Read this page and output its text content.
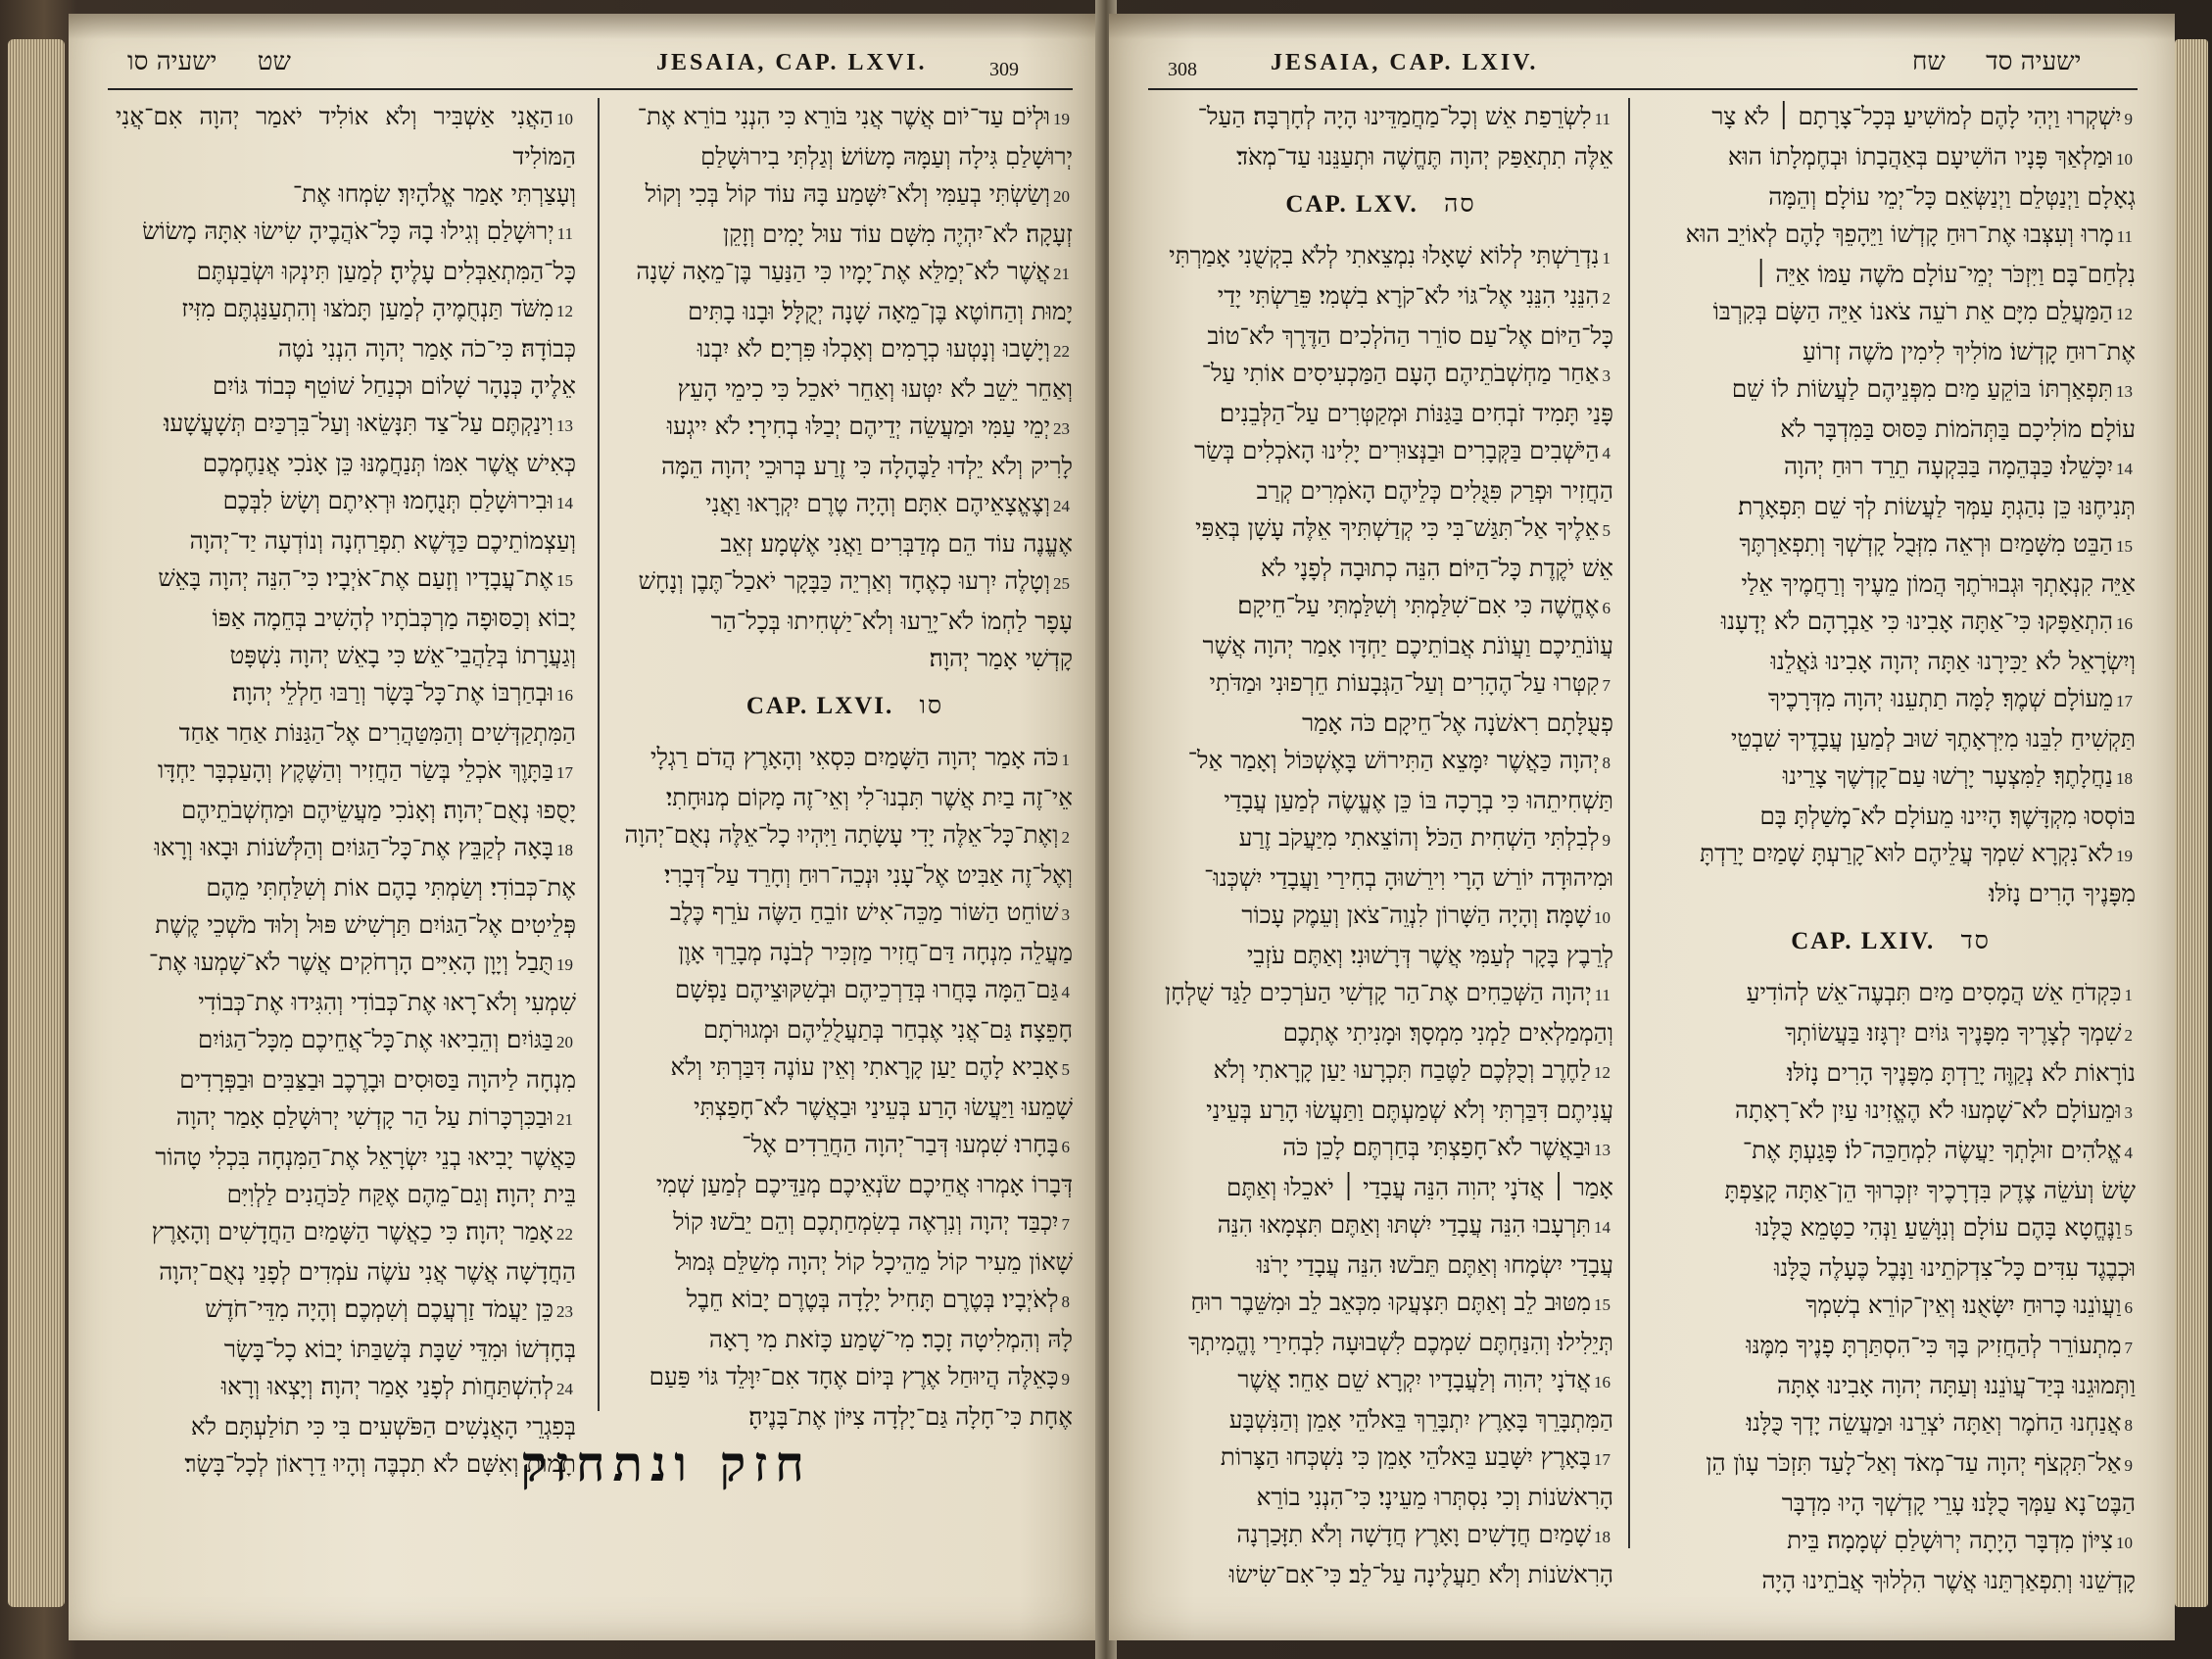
שט     ישעיה סו	JESAIA, CAP. LXVI.	309
10הַאֲנִי אַשְׁבִּיר וְלֹא אוֹלִיד יֹאמַר יְהוָה אִם־אֲנִי הַמּוֹלִיד
וְעָצַרְתִּי אָמַר אֱלֹהָיִךְ׃ שִׂמְחוּ אֶת־
11יְרוּשָׁלַםִ וְגִילוּ בָהּ כָּל־אֹהֲבֶיהָ שִׂישׂוּ אִתָּהּ מָשׂוֹשׂ
כָּל־הַמִּתְאַבְּלִים עָלֶיהָ׃ לְמַעַן תִּינְקוּ וּשְׂבַעְתֶּם
12מִשֹּׁד תַּנְחֻמֶיהָ לְמַעַן תָּמֹצּוּ וְהִתְעַנַּגְתֶּם מִזִּיז
כְּבוֹדָהּ׃ כִּי־כֹה אָמַר יְהוָה הִנְנִי נֹטֶה
אֵלֶיהָ כְּנָהָר שָׁלוֹם וּכְנַחַל שׁוֹטֵף כְּבוֹד גּוֹיִם
13וִינַקְתֶּם עַל־צַד תִּנָּשֵׂאוּ וְעַל־בִּרְכַּיִם תְּשָׁעֳשָׁעוּ׃
כְּאִישׁ אֲשֶׁר אִמּוֹ תְּנַחֲמֶנּוּ כֵּן אָנֹכִי אֲנַחֶמְכֶם
14וּבִירוּשָׁלַםִ תְּנֻחָמוּ׃ וּרְאִיתֶם וְשָׂשׂ לִבְּכֶם
וְעַצְמוֹתֵיכֶם כַּדֶּשֶׁא תִפְרַחְנָה וְנוֹדְעָה יַד־יְהוָה
15אֶת־עֲבָדָיו וְזָעַם אֶת־אֹיְבָיו׃ כִּי־הִנֵּה יְהוָה בָּאֵשׁ
יָבוֹא וְכַסּוּפָה מַרְכְּבֹתָיו לְהָשִׁיב בְּחֵמָה אַפּוֹ
וְגַעֲרָתוֹ בְּלַהֲבֵי־אֵשׁ׃ כִּי בָאֵשׁ יְהוָה נִשְׁפָּט
16וּבְחַרְבּוֹ אֶת־כָּל־בָּשָׂר וְרַבּוּ חַלְלֵי יְהוָה׃
הַמִּתְקַדְּשִׁים וְהַמִּטַּהֲרִים אֶל־הַגַּנּוֹת אַחַר אַחַד
17בַּתָּוֶךְ אֹכְלֵי בְּשַׂר הַחֲזִיר וְהַשֶּׁקֶץ וְהָעַכְבָּר יַחְדָּו
יָסֻפוּ נְאֻם־יְהוָה׃ וְאָנֹכִי מַעֲשֵׂיהֶם וּמַחְשְׁבֹתֵיהֶם
18בָּאָה לְקַבֵּץ אֶת־כָּל־הַגּוֹיִם וְהַלְּשֹׁנוֹת וּבָאוּ וְרָאוּ
אֶת־כְּבוֹדִי׃ וְשַׂמְתִּי בָהֶם אוֹת וְשִׁלַּחְתִּי מֵהֶם
פְּלֵיטִים אֶל־הַגּוֹיִם תַּרְשִׁישׁ פּוּל וְלוּד מֹשְׁכֵי קֶשֶׁת
19תֻּבַל וְיָוָן הָאִיִּים הָרְחֹקִים אֲשֶׁר לֹא־שָׁמְעוּ אֶת־
שִׁמְעִי וְלֹא־רָאוּ אֶת־כְּבוֹדִי וְהִגִּידוּ אֶת־כְּבוֹדִי
20בַּגּוֹיִם׃ וְהֵבִיאוּ אֶת־כָּל־אֲחֵיכֶם מִכָּל־הַגּוֹיִם
מִנְחָה לַיהוָה בַּסּוּסִים וּבָרֶכֶב וּבַצַּבִּים וּבַפְּרָדִים
21וּבַכִּרְכָּרוֹת עַל הַר קָדְשִׁי יְרוּשָׁלַםִ אָמַר יְהוָה
כַּאֲשֶׁר יָבִיאוּ בְנֵי יִשְׂרָאֵל אֶת־הַמִּנְחָה בִּכְלִי טָהוֹר
בֵּית יְהוָה׃ וְגַם־מֵהֶם אֶקַּח לַכֹּהֲנִים לַלְוִיִּם
22אָמַר יְהוָה׃ כִּי כַאֲשֶׁר הַשָּׁמַיִם הַחֲדָשִׁים וְהָאָרֶץ
הַחֲדָשָׁה אֲשֶׁר אֲנִי עֹשֶׂה עֹמְדִים לְפָנַי נְאֻם־יְהוָה
23כֵּן יַעֲמֹד זַרְעֲכֶם וְשִׁמְכֶם׃ וְהָיָה מִדֵּי־חֹדֶשׁ
בְּחָדְשׁוֹ וּמִדֵּי שַׁבָּת בְּשַׁבַּתּוֹ יָבוֹא כָל־בָּשָׂר
24לְהִשְׁתַּחֲוֺת לְפָנַי אָמַר יְהוָה׃ וְיָצְאוּ וְרָאוּ
בְּפִגְרֵי הָאֲנָשִׁים הַפֹּשְׁעִים בִּי כִּי תוֹלַעְתָּם לֹא
תָמוּת וְאִשָּׁם לֹא תִכְבֶּה וְהָיוּ דֵרָאוֹן לְכָל־בָּשָׂר׃
19וּלְיֹם עַד־יֹום אֲשֶׁר אֲנִי בֹּורֵא כִּי הִנְנִי בוֹרֵא אֶת־
יְרוּשָׁלַםִ גִּילָה וְעַמָּהּ מָשׂוֹשׂ׃ וְגַלְתִּי בִירוּשָׁלַםִ
20וְשַׂשְׂתִּי בְעַמִּי וְלֹא־יִשָּׁמַע בָּהּ עוֹד קוֹל בְּכִי וְקוֹל
זְעָקָה׃ לֹא־יִהְיֶה מִשָּׁם עוֹד עוּל יָמִים וְזָקֵן
21אֲשֶׁר לֹא־יְמַלֵּא אֶת־יָמָיו כִּי הַנַּעַר בֶּן־מֵאָה שָׁנָה
יָמוּת וְהַחוֹטֶא בֶּן־מֵאָה שָׁנָה יְקֻלָּל׃ וּבָנוּ בָתִּים
22וְיָשָׁבוּ וְנָטְעוּ כְרָמִים וְאָכְלוּ פִּרְיָם׃ לֹא יִבְנוּ
וְאַחֵר יֵשֵׁב לֹא יִטְּעוּ וְאַחֵר יֹאכֵל כִּי כִימֵי הָעֵץ
23יְמֵי עַמִּי וּמַעֲשֵׂה יְדֵיהֶם יְבַלּוּ בְחִירָי׃ לֹא יִיגְעוּ
לָרִיק וְלֹא יֵלְדוּ לַבֶּהָלָה כִּי זֶרַע בְּרוּכֵי יְהוָה הֵמָּה
24וְצֶאֱצָאֵיהֶם אִתָּם׃ וְהָיָה טֶרֶם יִקְרָאוּ וַאֲנִי
אֶעֱנֶה עוֹד הֵם מְדַבְּרִים וַאֲנִי אֶשְׁמָע׃ זְאֵב
25וְטָלֶה יִרְעוּ כְאֶחָד וְאַרְיֵה כַּבָּקָר יֹאכַל־תֶּבֶן וְנָחָשׁ
עָפָר לַחְמוֹ לֹא־יָרֵעוּ וְלֹא־יַשְׁחִיתוּ בְּכָל־הַר
קָדְשִׁי אָמַר יְהוָה׃
CAP. LXVI. סו
1כֹּה אָמַר יְהוָה הַשָּׁמַיִם כִּסְאִי וְהָאָרֶץ הֲדֹם רַגְלָי
אֵי־זֶה בַיִת אֲשֶׁר תִּבְנוּ־לִי וְאֵי־זֶה מָקוֹם מְנוּחָתִי׃
2וְאֶת־כָּל־אֵלֶּה יָדִי עָשָׂתָה וַיִּהְיוּ כָל־אֵלֶּה נְאֻם־יְהוָה
וְאֶל־זֶה אַבִּיט אֶל־עָנִי וּנְכֵה־רוּחַ וְחָרֵד עַל־דְּבָרִי׃
3שׁוֹחֵט הַשּׁוֹר מַכֵּה־אִישׁ זוֹבֵחַ הַשֶּׂה עֹרֵף כֶּלֶב
מַעֲלֵה מִנְחָה דַּם־חֲזִיר מַזְכִּיר לְבֹנָה מְבָרֵךְ אָוֶן
4גַּם־הֵמָּה בָּחֲרוּ בְּדַרְכֵיהֶם וּבְשִׁקּוּצֵיהֶם נַפְשָׁם
חָפֵצָה׃ גַּם־אֲנִי אֶבְחַר בְּתַעֲלֻלֵיהֶם וּמְגוּרֹתָם
5אָבִיא לָהֶם יַעַן קָרָאתִי וְאֵין עוֹנֶה דִּבַּרְתִּי וְלֹא
שָׁמֵעוּ וַיַּעֲשׂוּ הָרַע בְּעֵינַי וּבַאֲשֶׁר לֹא־חָפַצְתִּי
6בָּחָרוּ׃ שִׁמְעוּ דְּבַר־יְהוָה הַחֲרֵדִים אֶל־
דְּבָרוֹ אָמְרוּ אֲחֵיכֶם שֹׂנְאֵיכֶם מְנַדֵּיכֶם לְמַעַן שְׁמִי
7יִכְבַּד יְהוָה וְנִרְאֶה בְשִׂמְחַתְכֶם וְהֵם יֵבֹשׁוּ׃ קוֹל
שָׁאוֹן מֵעִיר קוֹל מֵהֵיכָל קוֹל יְהוָה מְשַׁלֵּם גְּמוּל
8לְאֹיְבָיו׃ בְּטֶרֶם תָּחִיל יָלָדָה בְּטֶרֶם יָבוֹא חֵבֶל
לָהּ וְהִמְלִיטָה זָכָר׃ מִי־שָׁמַע כָּזֹאת מִי רָאָה
9כָּאֵלֶּה הֲיוּחַל אֶרֶץ בְּיוֹם אֶחָד אִם־יִוָּלֵד גּוֹי פַּעַם
אֶחָת כִּי־חָלָה גַּם־יָלְדָה צִיּוֹן אֶת־בָּנֶיהָ׃
חזק ונתחזק
308	JESAIA, CAP. LXIV.	ישעיה סד     שח
11לִשְׂרֵפַת אֵשׁ וְכָל־מַחֲמַדֵּינוּ הָיָה לְחָרְבָּה׃ הַעַל־
אֵלֶּה תִתְאַפַּק יְהוָה תֶּחֱשֶׁה וּתְעַנֵּנוּ עַד־מְאֹד׃
CAP. LXV. סה
1נִדְרַשְׁתִּי לְלוֹא שָׁאָלוּ נִמְצֵאתִי לְלֹא בִקְשֻׁנִי אָמַרְתִּי
2הִנֵּנִי הִנֵּנִי אֶל־גּוֹי לֹא־קֹרָא בִשְׁמִי׃ פֵּרַשְׂתִּי יָדַי
כָּל־הַיּוֹם אֶל־עַם סוֹרֵר הַהֹלְכִים הַדֶּרֶךְ לֹא־טוֹב
3אַחַר מַחְשְׁבֹתֵיהֶם׃ הָעָם הַמַּכְעִיסִים אוֹתִי עַל־
פָּנַי תָּמִיד זֹבְחִים בַּגַּנּוֹת וּמְקַטְּרִים עַל־הַלְּבֵנִים׃
4הַיֹּשְׁבִים בַּקְּבָרִים וּבַנְּצוּרִים יָלִינוּ הָאֹכְלִים בְּשַׂר
הַחֲזִיר וּפְרַק פִּגֻּלִים כְּלֵיהֶם׃ הָאֹמְרִים קְרַב
5אֵלֶיךָ אַל־תִּגַּשׁ־בִּי כִּי קְדַשְׁתִּיךָ אֵלֶּה עָשָׁן בְּאַפִּי
אֵשׁ יֹקֶדֶת כָּל־הַיּוֹם׃ הִנֵּה כְתוּבָה לְפָנָי לֹא
6אֶחֱשֶׁה כִּי אִם־שִׁלַּמְתִּי וְשִׁלַּמְתִּי עַל־חֵיקָם׃
עֲוֺנֹתֵיכֶם וַעֲוֺנֹת אֲבוֹתֵיכֶם יַחְדָּו אָמַר יְהוָה אֲשֶׁר
7קִטְּרוּ עַל־הֶהָרִים וְעַל־הַגְּבָעוֹת חֵרְפוּנִי וּמַדֹּתִי
פְעֻלָּתָם רִאשֹׁנָה אֶל־חֵיקָם׃ כֹּה אָמַר
8יְהוָה כַּאֲשֶׁר יִמָּצֵא הַתִּירוֹשׁ בָּאֶשְׁכּוֹל וְאָמַר אַל־
תַּשְׁחִיתֵהוּ כִּי בְרָכָה בּוֹ כֵּן אֶעֱשֶׂה לְמַעַן עֲבָדַי
9לְבִלְתִּי הַשְׁחִית הַכֹּל׃ וְהוֹצֵאתִי מִיַּעֲקֹב זֶרַע
וּמִיהוּדָה יוֹרֵשׁ הָרָי וִירֵשׁוּהָ בְחִירַי וַעֲבָדַי יִשְׁכְּנוּ־
10שָׁמָּה׃ וְהָיָה הַשָּׁרוֹן לִנְוֵה־צֹאן וְעֵמֶק עָכוֹר
לְרֵבֶץ בָּקָר לְעַמִּי אֲשֶׁר דְּרָשׁוּנִי׃ וְאַתֶּם עֹזְבֵי
11יְהוָה הַשְּׁכֵחִים אֶת־הַר קָדְשִׁי הַעֹרְכִים לַגַּד שֻׁלְחָן
וְהַמְמַלְאִים לַמְנִי מִמְסָךְ׃ וּמָנִיתִי אֶתְכֶם
12לַחֶרֶב וְכֻלְּכֶם לַטֶּבַח תִּכְרָעוּ יַעַן קָרָאתִי וְלֹא
עֲנִיתֶם דִּבַּרְתִּי וְלֹא שְׁמַעְתֶּם וַתַּעֲשׂוּ הָרַע בְּעֵינַי
13וּבַאֲשֶׁר לֹא־חָפַצְתִּי בְּחַרְתֶּם׃ לָכֵן כֹּה
אָמַר ׀ אֲדֹנָי יְהוִה הִנֵּה עֲבָדַי ׀ יֹאכֵלוּ וְאַתֶּם
14תִּרְעָבוּ הִנֵּה עֲבָדַי יִשְׁתּוּ וְאַתֶּם תִּצְמָאוּ הִנֵּה
עֲבָדַי יִשְׂמָחוּ וְאַתֶּם תֵּבֹשׁוּ׃ הִנֵּה עֲבָדַי יָרֹנּוּ
15מִטּוּב לֵב וְאַתֶּם תִּצְעֲקוּ מִכְּאֵב לֵב וּמִשֵּׁבֶר רוּחַ
תְּיֵלִילוּ׃ וְהִנַּחְתֶּם שִׁמְכֶם לִשְׁבוּעָה לִבְחִירַי וֶהֱמִיתְךָ
16אֲדֹנָי יְהוִה וְלַעֲבָדָיו יִקְרָא שֵׁם אַחֵר׃ אֲשֶׁר
הַמִּתְבָּרֵךְ בָּאָרֶץ יִתְבָּרֵךְ בֵּאלֹהֵי אָמֵן וְהַנִּשְׁבָּע
17בָּאָרֶץ יִשָּׁבַע בֵּאלֹהֵי אָמֵן כִּי נִשְׁכְּחוּ הַצָּרוֹת
הָרִאשֹׁנוֹת וְכִי נִסְתְּרוּ מֵעֵינָי׃ כִּי־הִנְנִי בוֹרֵא
18שָׁמַיִם חֲדָשִׁים וָאָרֶץ חֲדָשָׁה וְלֹא תִזָּכַרְנָה
הָרִאשֹׁנוֹת וְלֹא תַעֲלֶינָה עַל־לֵב׃ כִּי־אִם־שִׂישׂוּ
9יִשְׁקְרוּ וַיְהִי לָהֶם לְמוֹשִׁיעַ׃ בְּכָל־צָרָתָם ׀ לֹא צָר
10וּמַלְאַךְ פָּנָיו הוֹשִׁיעָם בְּאַהֲבָתוֹ וּבְחֶמְלָתוֹ הוּא
גְאָלָם וַיְנַטְּלֵם וַיְנַשְּׂאֵם כָּל־יְמֵי עוֹלָם׃ וְהֵמָּה
11מָרוּ וְעִצְּבוּ אֶת־רוּחַ קָדְשׁוֹ וַיֵּהָפֵךְ לָהֶם לְאוֹיֵב הוּא
נִלְחַם־בָּם׃ וַיִּזְכֹּר יְמֵי־עוֹלָם מֹשֶׁה עַמּוֹ אַיֵּה ׀
12הַמַּעֲלֵם מִיָּם אֵת רֹעֵה צֹאנוֹ אַיֵּה הַשָּׂם בְּקִרְבּוֹ
אֶת־רוּחַ קָדְשׁוֹ׃ מוֹלִיךְ לִימִין מֹשֶׁה זְרוֹעַ
13תִּפְאַרְתּוֹ בּוֹקֵעַ מַיִם מִפְּנֵיהֶם לַעֲשׂוֹת לוֹ שֵׁם
עוֹלָם׃ מוֹלִיכָם בַּתְּהֹמוֹת כַּסּוּס בַּמִּדְבָּר לֹא
14יִכָּשֵׁלוּ׃ כַּבְּהֵמָה בַּבִּקְעָה תֵרֵד רוּחַ יְהוָה
תְּנִיחֶנּוּ כֵּן נִהַגְתָּ עַמְּךָ לַעֲשׂוֹת לְךָ שֵׁם תִּפְאָרֶת׃
15הַבֵּט מִשָּׁמַיִם וּרְאֵה מִזְּבֻל קָדְשְׁךָ וְתִפְאַרְתֶּךָ
אַיֵּה קִנְאָתְךָ וּגְבוּרֹתֶךָ הֲמוֹן מֵעֶיךָ וְרַחֲמֶיךָ אֵלַי
16הִתְאַפָּקוּ׃ כִּי־אַתָּה אָבִינוּ כִּי אַבְרָהָם לֹא יְדָעָנוּ
וְיִשְׂרָאֵל לֹא יַכִּירָנוּ אַתָּה יְהוָה אָבִינוּ גֹּאֲלֵנוּ
17מֵעוֹלָם שְׁמֶךָ׃ לָמָּה תַתְעֵנוּ יְהוָה מִדְּרָכֶיךָ
תַּקְשִׁיחַ לִבֵּנוּ מִיִּרְאָתֶךָ שׁוּב לְמַעַן עֲבָדֶיךָ שִׁבְטֵי
18נַחֲלָתֶךָ׃ לַמִּצְעָר יָרְשׁוּ עַם־קָדְשֶׁךָ צָרֵינוּ
בּוֹסְסוּ מִקְדָּשֶׁךָ׃ הָיִינוּ מֵעוֹלָם לֹא־מָשַׁלְתָּ בָּם
19לֹא־נִקְרָא שִׁמְךָ עֲלֵיהֶם לוּא־קָרַעְתָּ שָׁמַיִם יָרַדְתָּ
מִפָּנֶיךָ הָרִים נָזֹלּוּ׃
CAP. LXIV. סד
1כִּקְדֹחַ אֵשׁ הֲמָסִים מַיִם תִּבְעֶה־אֵשׁ לְהוֹדִיעַ
2שִׁמְךָ לְצָרֶיךָ מִפָּנֶיךָ גּוֹיִם יִרְגָּזוּ׃ בַּעֲשׂוֹתְךָ
נוֹרָאוֹת לֹא נְקַוֶּה יָרַדְתָּ מִפָּנֶיךָ הָרִים נָזֹלּוּ׃
3וּמֵעוֹלָם לֹא־שָׁמְעוּ לֹא הֶאֱזִינוּ עַיִן לֹא־רָאָתָה
4אֱלֹהִים זוּלָתְךָ יַעֲשֶׂה לִמְחַכֵּה־לוֹ׃ פָּגַעְתָּ אֶת־
שָׂשׂ וְעֹשֵׂה צֶדֶק בִּדְרָכֶיךָ יִזְכְּרוּךָ הֵן־אַתָּה קָצַפְתָּ
5וַנֶּחֱטָא בָּהֶם עוֹלָם וְנִוָּשֵׁעַ׃ וַנְּהִי כַטָּמֵא כֻּלָּנוּ
וּכְבֶגֶד עִדִּים כָּל־צִדְקֹתֵינוּ וַנָּבֶל כֶּעָלֶה כֻּלָּנוּ
6וַעֲוֺנֵנוּ כָּרוּחַ יִשָּׂאֻנוּ׃ וְאֵין־קוֹרֵא בְשִׁמְךָ
7מִתְעוֹרֵר לְהַחֲזִיק בָּךְ כִּי־הִסְתַּרְתָּ פָנֶיךָ מִמֶּנּוּ
וַתְּמוּגֵנוּ בְּיַד־עֲוֺנֵנוּ׃ וְעַתָּה יְהוָה אָבִינוּ אָתָּה
8אֲנַחְנוּ הַחֹמֶר וְאַתָּה יֹצְרֵנוּ וּמַעֲשֵׂה יָדְךָ כֻּלָּנוּ׃
9אַל־תִּקְצֹף יְהוָה עַד־מְאֹד וְאַל־לָעַד תִּזְכֹּר עָוֺן הֵן
הַבֶּט־נָא עַמְּךָ כֻלָּנוּ׃ עָרֵי קָדְשְׁךָ הָיוּ מִדְבָּר
10צִיּוֹן מִדְבָּר הָיָתָה יְרוּשָׁלַםִ שְׁמָמָה׃ בֵּית
קָדְשֵׁנוּ וְתִפְאַרְתֵּנוּ אֲשֶׁר הִלְלוּךָ אֲבֹתֵינוּ הָיָה
